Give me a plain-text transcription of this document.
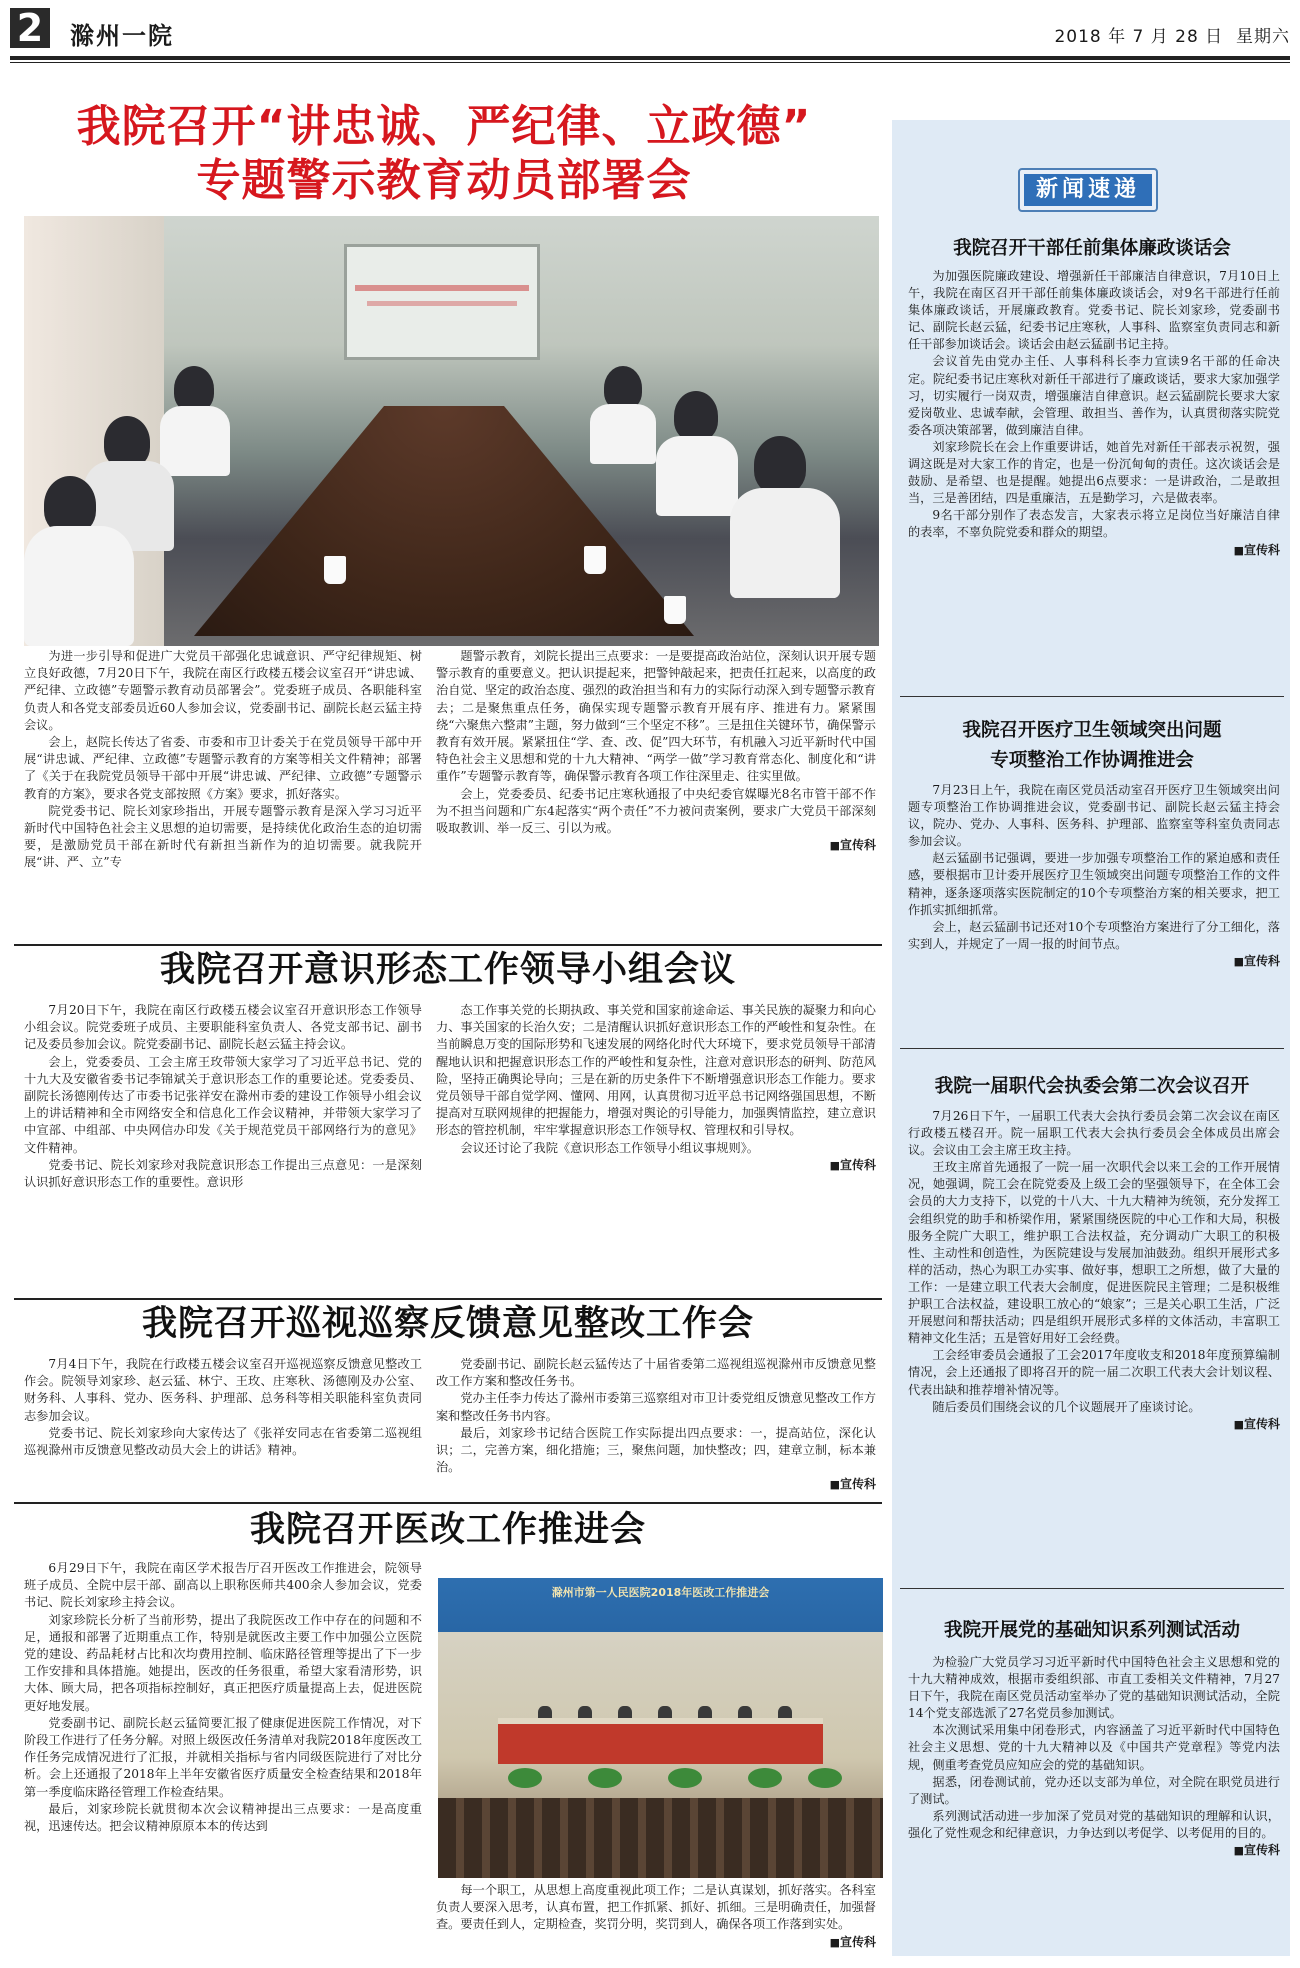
2 滁州一院	2018 年 7 月 28 日 星期六
我院召开“讲忠诚、严纪律、立政德”
专题警示教育动员部署会

为进一步引导和促进广大党员干部强化忠诚意识、严守纪律规矩、树立良好政德，7月20日下午，我院在南区行政楼五楼会议室召开“讲忠诚、严纪律、立政德”专题警示教育动员部署会”。党委班子成员、各职能科室负责人和各党支部委员近60人参加会议，党委副书记、副院长赵云猛主持会议。

会上，赵院长传达了省委、市委和市卫计委关于在党员领导干部中开展“讲忠诚、严纪律、立政德”专题警示教育的方案等相关文件精神；部署了《关于在我院党员领导干部中开展“讲忠诚、严纪律、立政德”专题警示教育的方案》，要求各党支部按照《方案》要求，抓好落实。

院党委书记、院长刘家珍指出，开展专题警示教育是深入学习习近平新时代中国特色社会主义思想的迫切需要，是持续优化政治生态的迫切需要，是激励党员干部在新时代有新担当新作为的迫切需要。就我院开展“讲、严、立”专

题警示教育，刘院长提出三点要求：一是要提高政治站位，深刻认识开展专题警示教育的重要意义。把认识提起来，把警钟敲起来，把责任扛起来，以高度的政治自觉、坚定的政治态度、强烈的政治担当和有力的实际行动深入到专题警示教育去；二是聚焦重点任务，确保实现专题警示教育开展有序、推进有力。紧紧围绕“六聚焦六整肃”主题，努力做到“三个坚定不移”。三是扭住关键环节，确保警示教育有效开展。紧紧扭住“学、查、改、促”四大环节，有机融入习近平新时代中国特色社会主义思想和党的十九大精神、“两学一做”学习教育常态化、制度化和“讲重作”专题警示教育等，确保警示教育各项工作往深里走、往实里做。

会上，党委委员、纪委书记庄寒秋通报了中央纪委官媒曝光8名市管干部不作为不担当问题和广东4起落实“两个责任”不力被问责案例，要求广大党员干部深刻吸取教训、举一反三、引以为戒。

■ 宣传科

我院召开意识形态工作领导小组会议

7月20日下午，我院在南区行政楼五楼会议室召开意识形态工作领导小组会议。院党委班子成员、主要职能科室负责人、各党支部书记、副书记及委员参加会议。院党委副书记、副院长赵云猛主持会议。

会上，党委委员、工会主席王玫带领大家学习了习近平总书记、党的十九大及安徽省委书记李锦斌关于意识形态工作的重要论述。党委委员、副院长汤德刚传达了市委书记张祥安在滁州市委的建设工作领导小组会议上的讲话精神和全市网络安全和信息化工作会议精神，并带领大家学习了中宣部、中组部、中央网信办印发《关于规范党员干部网络行为的意见》文件精神。

党委书记、院长刘家珍对我院意识形态工作提出三点意见：一是深刻认识抓好意识形态工作的重要性。意识形

态工作事关党的长期执政、事关党和国家前途命运、事关民族的凝聚力和向心力、事关国家的长治久安；二是清醒认识抓好意识形态工作的严峻性和复杂性。在当前瞬息万变的国际形势和飞速发展的网络化时代大环境下，要求党员领导干部清醒地认识和把握意识形态工作的严峻性和复杂性，注意对意识形态的研判、防范风险，坚持正确舆论导向；三是在新的历史条件下不断增强意识形态工作能力。要求党员领导干部自觉学网、懂网、用网，认真贯彻习近平总书记网络强国思想，不断提高对互联网规律的把握能力，增强对舆论的引导能力，加强舆情监控，建立意识形态的管控机制，牢牢掌握意识形态工作领导权、管理权和引导权。

会议还讨论了我院《意识形态工作领导小组议事规则》。

■ 宣传科

我院召开巡视巡察反馈意见整改工作会

7月4日下午，我院在行政楼五楼会议室召开巡视巡察反馈意见整改工作会。院领导刘家珍、赵云猛、林宁、王玫、庄寒秋、汤德刚及办公室、财务科、人事科、党办、医务科、护理部、总务科等相关职能科室负责同志参加会议。

党委书记、院长刘家珍向大家传达了《张祥安同志在省委第二巡视组巡视滁州市反馈意见整改动员大会上的讲话》精神。

党委副书记、副院长赵云猛传达了十届省委第二巡视组巡视滁州市反馈意见整改工作方案和整改任务书。

党办主任李力传达了滁州市委第三巡察组对市卫计委党组反馈意见整改工作方案和整改任务书内容。

最后，刘家珍书记结合医院工作实际提出四点要求：一，提高站位，深化认识；二，完善方案，细化措施；三，聚焦问题，加快整改；四，建章立制，标本兼治。

■ 宣传科

我院召开医改工作推进会

6月29日下午，我院在南区学术报告厅召开医改工作推进会，院领导班子成员、全院中层干部、副高以上职称医师共400余人参加会议，党委书记、院长刘家珍主持会议。

刘家珍院长分析了当前形势，提出了我院医改工作中存在的问题和不足，通报和部署了近期重点工作，特别是就医改主要工作中加强公立医院党的建设、药品耗材占比和次均费用控制、临床路径管理等提出了下一步工作安排和具体措施。她提出，医改的任务很重，希望大家看清形势，识大体、顾大局，把各项指标控制好，真正把医疗质量提高上去，促进医院更好地发展。

党委副书记、副院长赵云猛简要汇报了健康促进医院工作情况，对下阶段工作进行了任务分解。对照上级医改任务清单对我院2018年度医改工作任务完成情况进行了汇报，并就相关指标与省内同级医院进行了对比分析。会上还通报了2018年上半年安徽省医疗质量安全检查结果和2018年第一季度临床路径管理工作检查结果。

最后，刘家珍院长就贯彻本次会议精神提出三点要求：一是高度重视，迅速传达。把会议精神原原本本的传达到

滁州市第一人民医院2018年医改工作推进会

每一个职工，从思想上高度重视此项工作；二是认真谋划，抓好落实。各科室负责人要深入思考，认真布置，把工作抓紧、抓好、抓细。三是明确责任，加强督查。要责任到人，定期检查，奖罚分明，奖罚到人，确保各项工作落到实处。

■ 宣传科

新闻速递
我院召开干部任前集体廉政谈话会

为加强医院廉政建设、增强新任干部廉洁自律意识，7月10日上午，我院在南区召开干部任前集体廉政谈话会，对9名干部进行任前集体廉政谈话，开展廉政教育。党委书记、院长刘家珍，党委副书记、副院长赵云猛，纪委书记庄寒秋，人事科、监察室负责同志和新任干部参加谈话会。谈话会由赵云猛副书记主持。

会议首先由党办主任、人事科科长李力宣读9名干部的任命决定。院纪委书记庄寒秋对新任干部进行了廉政谈话，要求大家加强学习，切实履行一岗双责，增强廉洁自律意识。赵云猛副院长要求大家爱岗敬业、忠诚奉献，会管理、敢担当、善作为，认真贯彻落实院党委各项决策部署，做到廉洁自律。

刘家珍院长在会上作重要讲话，她首先对新任干部表示祝贺，强调这既是对大家工作的肯定，也是一份沉甸甸的责任。这次谈话会是鼓励、是希望、也是提醒。她提出6点要求：一是讲政治，二是敢担当，三是善团结，四是重廉洁，五是勤学习，六是做表率。

9名干部分别作了表态发言，大家表示将立足岗位当好廉洁自律的表率，不辜负院党委和群众的期望。

■ 宣传科

我院召开医疗卫生领域突出问题
专项整治工作协调推进会

7月23日上午，我院在南区党员活动室召开医疗卫生领域突出问题专项整治工作协调推进会议，党委副书记、副院长赵云猛主持会议，院办、党办、人事科、医务科、护理部、监察室等科室负责同志参加会议。

赵云猛副书记强调，要进一步加强专项整治工作的紧迫感和责任感，要根据市卫计委开展医疗卫生领域突出问题专项整治工作的文件精神，逐条逐项落实医院制定的10个专项整治方案的相关要求，把工作抓实抓细抓常。

会上，赵云猛副书记还对10个专项整治方案进行了分工细化，落实到人，并规定了一周一报的时间节点。

■ 宣传科

我院一届职代会执委会第二次会议召开

7月26日下午，一届职工代表大会执行委员会第二次会议在南区行政楼五楼召开。院一届职工代表大会执行委员会全体成员出席会议。会议由工会主席王玫主持。

王玫主席首先通报了一院一届一次职代会以来工会的工作开展情况，她强调，院工会在院党委及上级工会的坚强领导下，在全体工会会员的大力支持下，以党的十八大、十九大精神为统领，充分发挥工会组织党的助手和桥梁作用，紧紧围绕医院的中心工作和大局，积极服务全院广大职工，维护职工合法权益，充分调动广大职工的积极性、主动性和创造性，为医院建设与发展加油鼓劲。组织开展形式多样的活动，热心为职工办实事、做好事，想职工之所想，做了大量的工作：一是建立职工代表大会制度，促进医院民主管理；二是积极维护职工合法权益，建设职工放心的“娘家”；三是关心职工生活，广泛开展慰问和帮扶活动；四是组织开展形式多样的文体活动，丰富职工精神文化生活；五是管好用好工会经费。

工会经审委员会通报了工会2017年度收支和2018年度预算编制情况，会上还通报了即将召开的院一届二次职工代表大会计划议程、代表出缺和推荐增补情况等。

随后委员们围绕会议的几个议题展开了座谈讨论。

■ 宣传科

我院开展党的基础知识系列测试活动

为检验广大党员学习习近平新时代中国特色社会主义思想和党的十九大精神成效，根据市委组织部、市直工委相关文件精神，7月27日下午，我院在南区党员活动室举办了党的基础知识测试活动，全院14个党支部选派了27名党员参加测试。

本次测试采用集中闭卷形式，内容涵盖了习近平新时代中国特色社会主义思想、党的十九大精神以及《中国共产党章程》等党内法规，侧重考查党员应知应会的党的基础知识。

据悉，闭卷测试前，党办还以支部为单位，对全院在职党员进行了测试。

系列测试活动进一步加深了党员对党的基础知识的理解和认识，强化了党性观念和纪律意识，力争达到以考促学、以考促用的目的。

■ 宣传科
